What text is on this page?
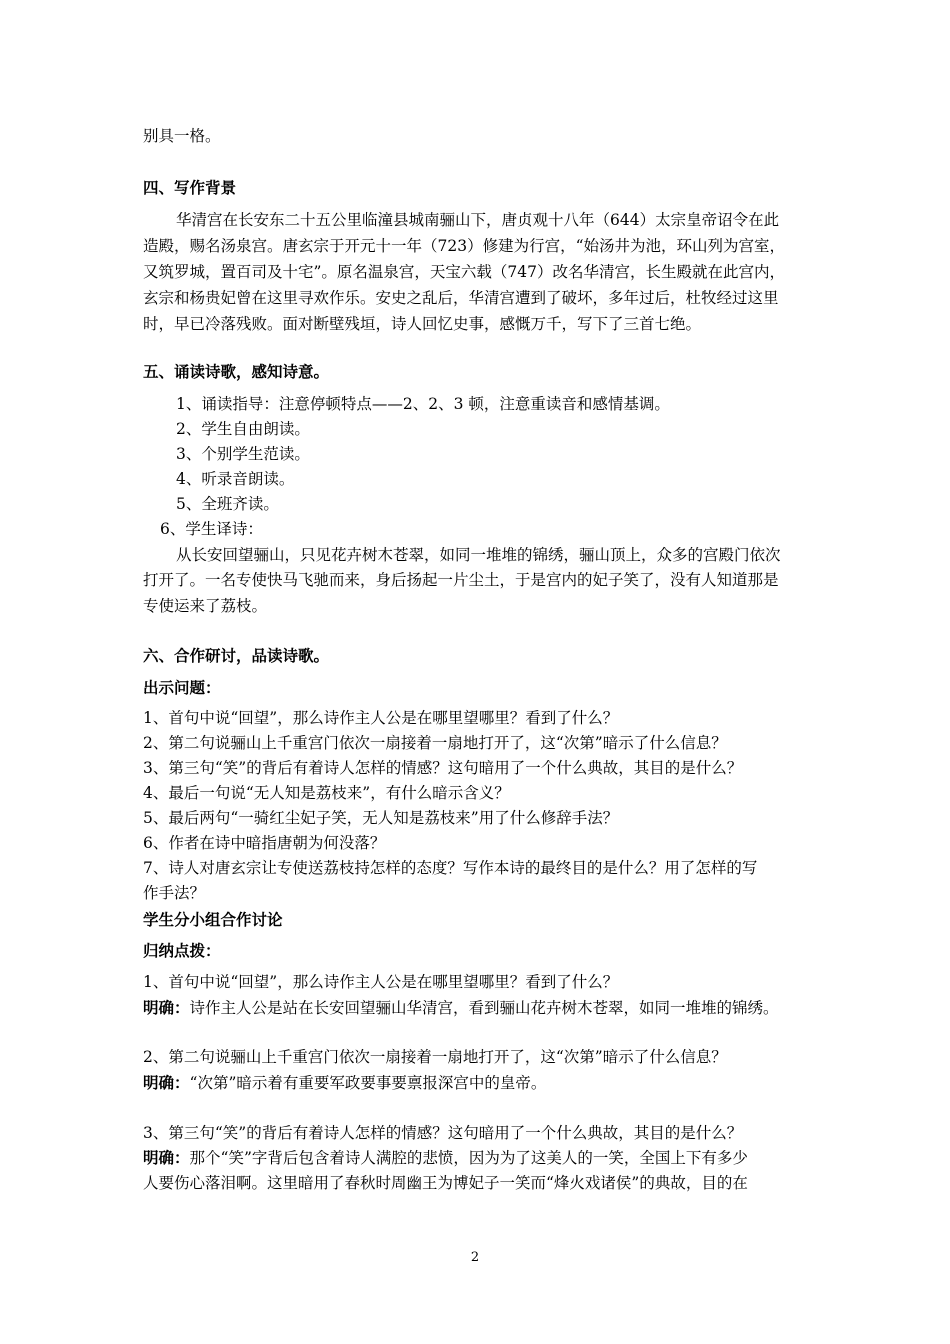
别具一格。
四、写作背景
华清宫在长安东二十五公里临潼县城南骊山下，唐贞观十八年（644）太宗皇帝诏令在此
造殿，赐名汤泉宫。唐玄宗于开元十一年（723）修建为行宫，“始汤井为池，环山列为宫室，
又筑罗城，置百司及十宅”。原名温泉宫，天宝六载（747）改名华清宫，长生殿就在此宫内，
玄宗和杨贵妃曾在这里寻欢作乐。安史之乱后，华清宫遭到了破坏，多年过后，杜牧经过这里
时，早已冷落残败。面对断壁残垣，诗人回忆史事，感慨万千，写下了三首七绝。
五、诵读诗歌，感知诗意。
1、诵读指导：注意停顿特点——2、2、3 顿，注意重读音和感情基调。
2、学生自由朗读。
3、个别学生范读。
4、听录音朗读。
5、全班齐读。
6、学生译诗：
从长安回望骊山，只见花卉树木苍翠，如同一堆堆的锦绣，骊山顶上，众多的宫殿门依次
打开了。一名专使快马飞驰而来，身后扬起一片尘土，于是宫内的妃子笑了，没有人知道那是
专使运来了荔枝。
六、合作研讨，品读诗歌。
出示问题：
1、首句中说“回望”，那么诗作主人公是在哪里望哪里？看到了什么？
2、第二句说骊山上千重宫门依次一扇接着一扇地打开了，这“次第”暗示了什么信息？
3、第三句“笑”的背后有着诗人怎样的情感？这句暗用了一个什么典故，其目的是什么？
4、最后一句说“无人知是荔枝来”，有什么暗示含义？
5、最后两句“一骑红尘妃子笑，无人知是荔枝来”用了什么修辞手法？
6、作者在诗中暗指唐朝为何没落？
7、诗人对唐玄宗让专使送荔枝持怎样的态度？写作本诗的最终目的是什么？用了怎样的写
作手法？
学生分小组合作讨论
归纳点拨：
1、首句中说“回望”，那么诗作主人公是在哪里望哪里？看到了什么？
明确：诗作主人公是站在长安回望骊山华清宫，看到骊山花卉树木苍翠，如同一堆堆的锦绣。
2、第二句说骊山上千重宫门依次一扇接着一扇地打开了，这“次第”暗示了什么信息？
明确：“次第”暗示着有重要军政要事要禀报深宫中的皇帝。
3、第三句“笑”的背后有着诗人怎样的情感？这句暗用了一个什么典故，其目的是什么？
明确：那个“笑”字背后包含着诗人满腔的悲愤，因为为了这美人的一笑，全国上下有多少
人要伤心落泪啊。这里暗用了春秋时周幽王为博妃子一笑而“烽火戏诸侯”的典故，目的在
2
